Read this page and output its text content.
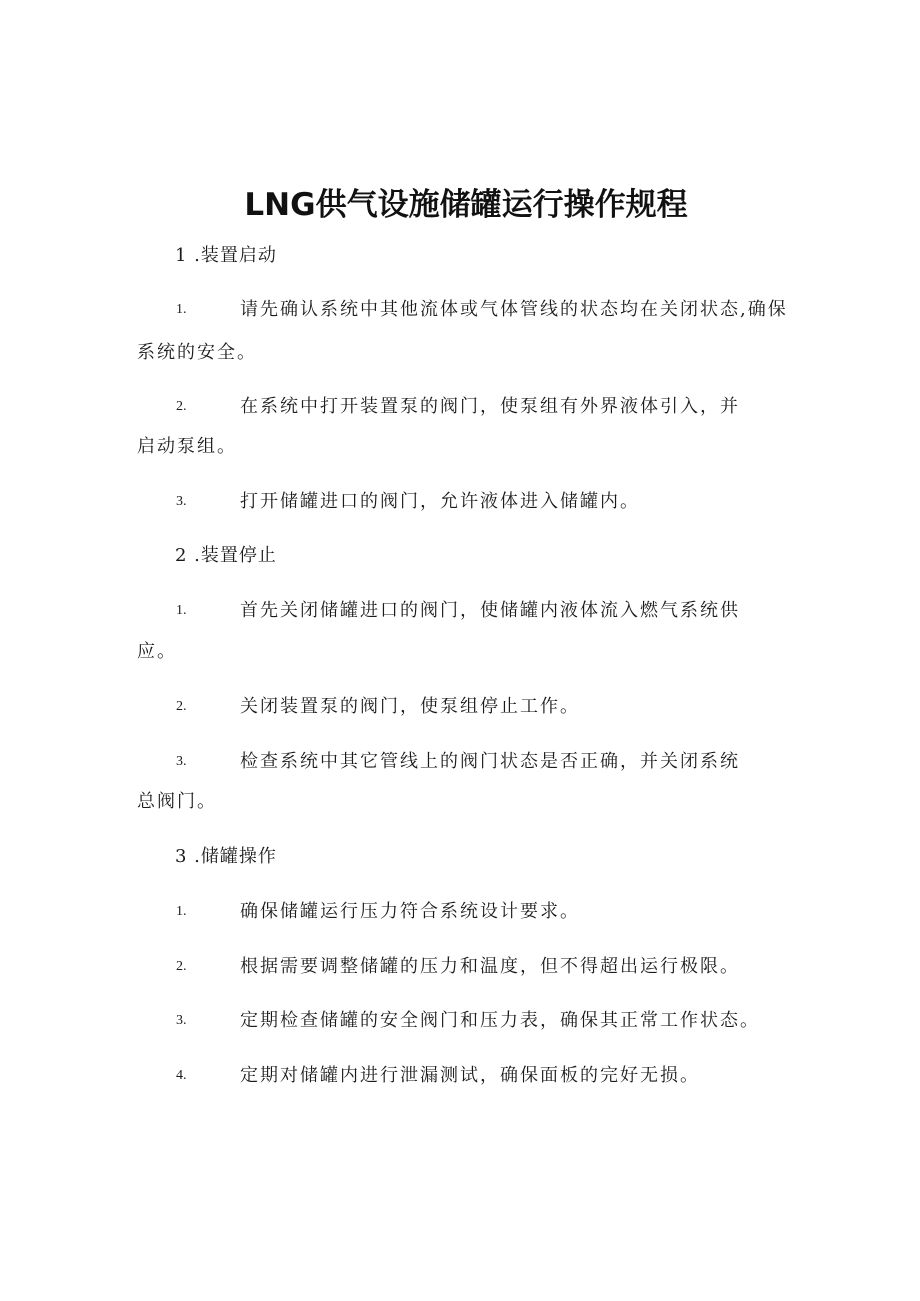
LNG供气设施储罐运行操作规程
1 .装置启动
1.	请先确认系统中其他流体或气体管线的状态均在关闭状态,确保
系统的安全。
2.	在系统中打开装置泵的阀门，使泵组有外界液体引入，并
启动泵组。
3.	打开储罐进口的阀门，允许液体进入储罐内。
2 .装置停止
1.	首先关闭储罐进口的阀门，使储罐内液体流入燃气系统供
应。
2.	关闭装置泵的阀门，使泵组停止工作。
3.	检查系统中其它管线上的阀门状态是否正确，并关闭系统
总阀门。
3 .储罐操作
1.	确保储罐运行压力符合系统设计要求。
2.	根据需要调整储罐的压力和温度，但不得超出运行极限。
3.	定期检查储罐的安全阀门和压力表，确保其正常工作状态。
4.	定期对储罐内进行泄漏测试，确保面板的完好无损。
